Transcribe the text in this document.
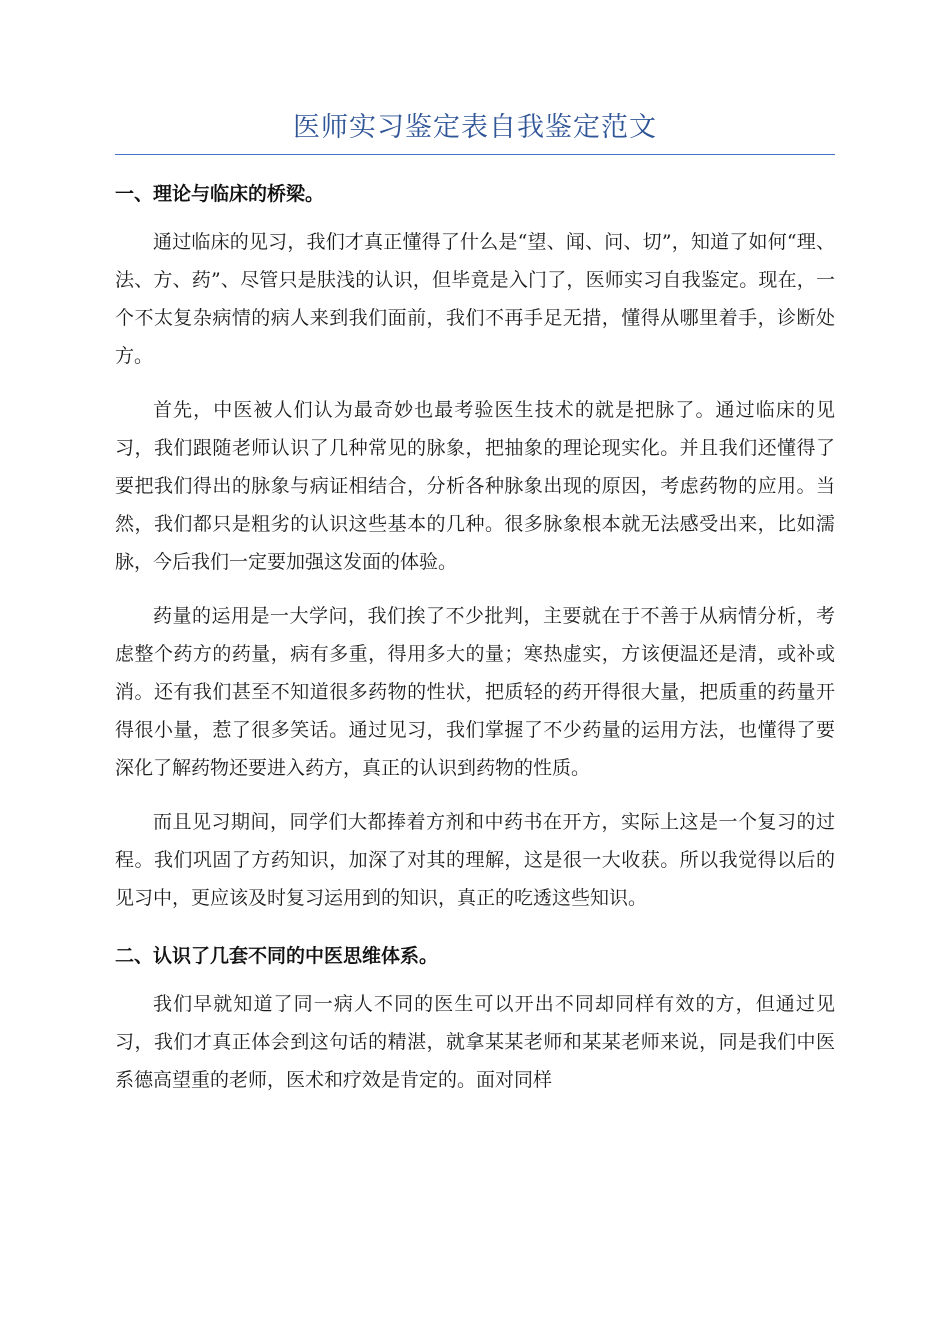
医师实习鉴定表自我鉴定范文
一、理论与临床的桥梁。

通过临床的见习，我们才真正懂得了什么是“望、闻、问、切”，知道了如何“理、法、方、药”、尽管只是肤浅的认识，但毕竟是入门了，医师实习自我鉴定。现在，一个不太复杂病情的病人来到我们面前，我们不再手足无措，懂得从哪里着手，诊断处方。

首先，中医被人们认为最奇妙也最考验医生技术的就是把脉了。通过临床的见习，我们跟随老师认识了几种常见的脉象，把抽象的理论现实化。并且我们还懂得了要把我们得出的脉象与病证相结合，分析各种脉象出现的原因，考虑药物的应用。当然，我们都只是粗劣的认识这些基本的几种。很多脉象根本就无法感受出来，比如濡脉，今后我们一定要加强这发面的体验。

药量的运用是一大学问，我们挨了不少批判，主要就在于不善于从病情分析，考虑整个药方的药量，病有多重，得用多大的量；寒热虚实，方该便温还是清，或补或消。还有我们甚至不知道很多药物的性状，把质轻的药开得很大量，把质重的药量开得很小量，惹了很多笑话。通过见习，我们掌握了不少药量的运用方法，也懂得了要深化了解药物还要进入药方，真正的认识到药物的性质。

而且见习期间，同学们大都捧着方剂和中药书在开方，实际上这是一个复习的过程。我们巩固了方药知识，加深了对其的理解，这是很一大收获。所以我觉得以后的见习中，更应该及时复习运用到的知识，真正的吃透这些知识。

二、认识了几套不同的中医思维体系。

我们早就知道了同一病人不同的医生可以开出不同却同样有效的方，但通过见习，我们才真正体会到这句话的精湛，就拿某某老师和某某老师来说，同是我们中医系德高望重的老师，医术和疗效是肯定的。面对同样
